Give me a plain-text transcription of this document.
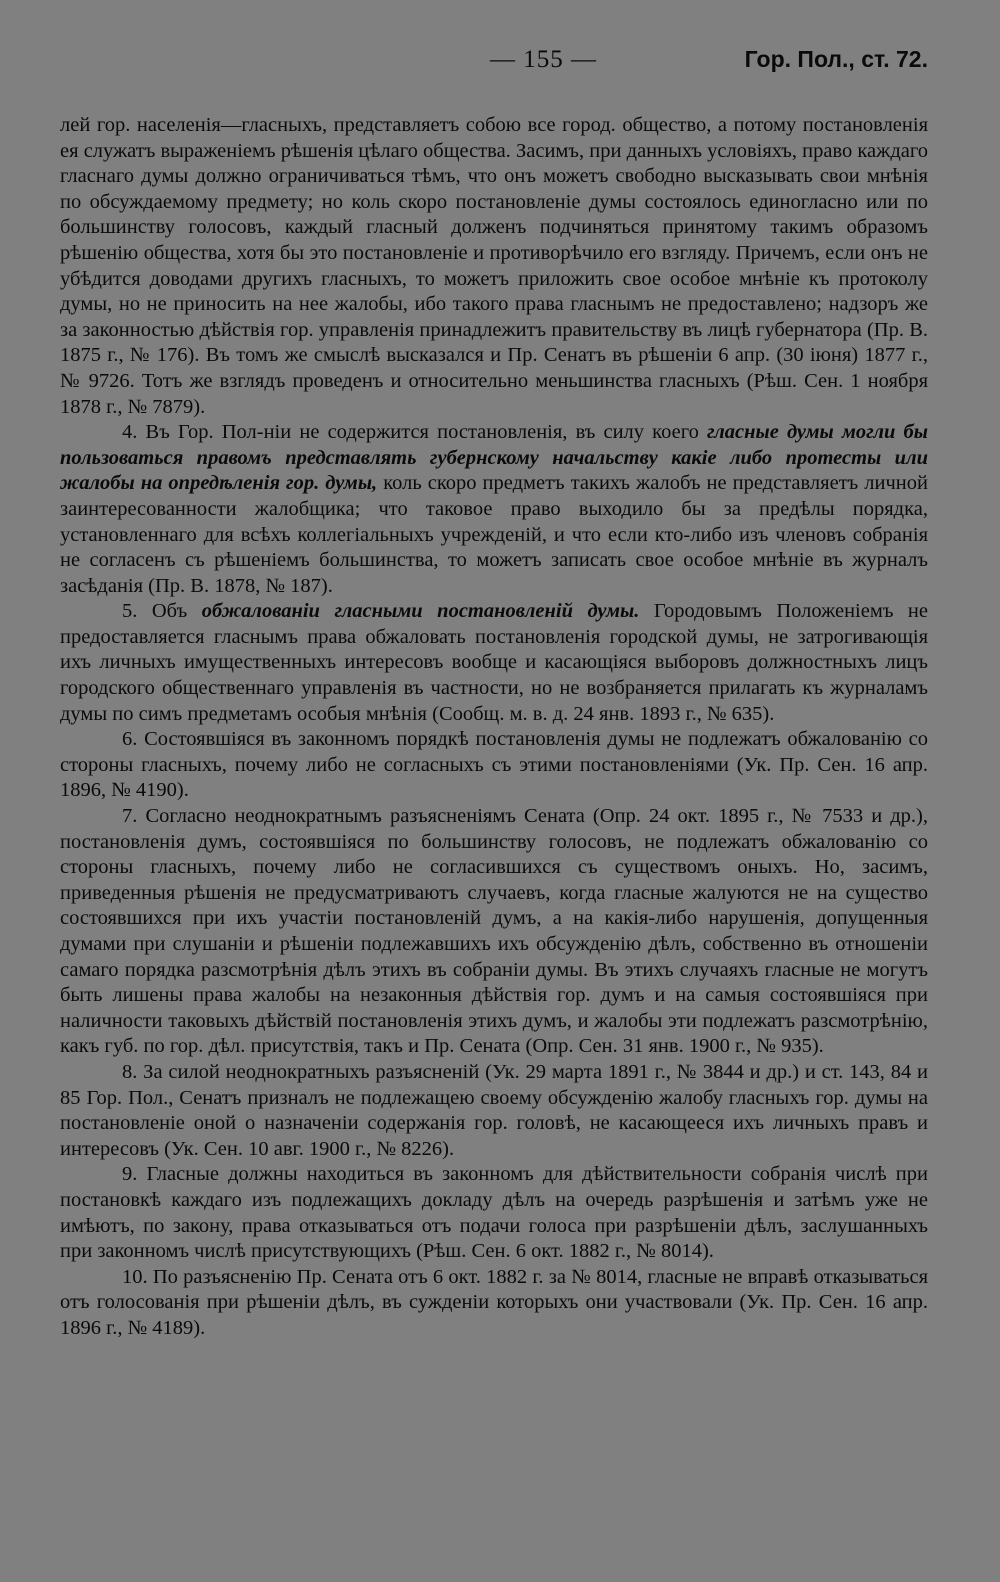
— 155 —	Гор. Пол., ст. 72.

лей гор. населенія—гласныхъ, представляетъ собою все город. общество, а потому постановленія ея служатъ выраженіемъ рѣшенія цѣлаго общества. Засимъ, при данныхъ условіяхъ, право каждаго гласнаго думы должно ограничиваться тѣмъ, что онъ можетъ свободно высказывать свои мнѣнія по обсуждаемому предмету; но коль скоро постановленіе думы состоялось единогласно или по большинству голосовъ, каждый гласный долженъ подчиняться принятому такимъ образомъ рѣшенію общества, хотя бы это постановленіе и противорѣчило его взгляду. Причемъ, если онъ не убѣдится доводами другихъ гласныхъ, то можетъ приложить свое особое мнѣніе къ протоколу думы, но не приносить на нее жалобы, ибо такого права гласнымъ не предоставлено; надзоръ же за законностью дѣйствія гор. управленія принадлежитъ правительству въ лицѣ губернатора (Пр. В. 1875 г., № 176). Въ томъ же смыслѣ высказался и Пр. Сенатъ въ рѣшеніи 6 апр. (30 іюня) 1877 г., № 9726. Тотъ же взглядъ проведенъ и относительно меньшинства гласныхъ (Рѣш. Сен. 1 ноября 1878 г., № 7879).

4. Въ Гор. Пол-ніи не содержится постановленія, въ силу коего гласные думы могли бы пользоваться правомъ представлять губернскому начальству какіе либо протесты или жалобы на опредѣленія гор. думы, коль скоро предметъ такихъ жалобъ не представляетъ личной заинтересованности жалобщика; что таковое право выходило бы за предѣлы порядка, установленнаго для всѣхъ коллегіальныхъ учрежденій, и что если кто-либо изъ членовъ собранія не согласенъ съ рѣшеніемъ большинства, то можетъ записать свое особое мнѣніе въ журналъ засѣданія (Пр. В. 1878, № 187).

5. Объ обжалованіи гласными постановленій думы. Городовымъ Положеніемъ не предоставляется гласнымъ права обжаловать постановленія городской думы, не затрогивающія ихъ личныхъ имущественныхъ интересовъ вообще и касающіяся выборовъ должностныхъ лицъ городского общественнаго управленія въ частности, но не возбраняется прилагать къ журналамъ думы по симъ предметамъ особыя мнѣнія (Сообщ. м. в. д. 24 янв. 1893 г., № 635).

6. Состоявшіяся въ законномъ порядкѣ постановленія думы не подлежатъ обжалованію со стороны гласныхъ, почему либо не согласныхъ съ этими постановленіями (Ук. Пр. Сен. 16 апр. 1896, № 4190).

7. Согласно неоднократнымъ разъясненіямъ Сената (Опр. 24 окт. 1895 г., № 7533 и др.), постановленія думъ, состоявшіяся по большинству голосовъ, не подлежатъ обжалованію со стороны гласныхъ, почему либо не согласившихся съ существомъ оныхъ. Но, засимъ, приведенныя рѣшенія не предусматриваютъ случаевъ, когда гласные жалуются не на существо состоявшихся при ихъ участіи постановленій думъ, а на какія-либо нарушенія, допущенныя думами при слушаніи и рѣшеніи подлежавшихъ ихъ обсужденію дѣлъ, собственно въ отношеніи самаго порядка разсмотрѣнія дѣлъ этихъ въ собраніи думы. Въ этихъ случаяхъ гласные не могутъ быть лишены права жалобы на незаконныя дѣйствія гор. думъ и на самыя состоявшіяся при наличности таковыхъ дѣйствій постановленія этихъ думъ, и жалобы эти подлежатъ разсмотрѣнію, какъ губ. по гор. дѣл. присутствія, такъ и Пр. Сената (Опр. Сен. 31 янв. 1900 г., № 935).

8. За силой неоднократныхъ разъясненій (Ук. 29 марта 1891 г., № 3844 и др.) и ст. 143, 84 и 85 Гор. Пол., Сенатъ призналъ не подлежащею своему обсужденію жалобу гласныхъ гор. думы на постановленіе оной о назначеніи содержанія гор. головѣ, не касающееся ихъ личныхъ правъ и интересовъ (Ук. Сен. 10 авг. 1900 г., № 8226).

9. Гласные должны находиться въ законномъ для дѣйствительности собранія числѣ при постановкѣ каждаго изъ подлежащихъ докладу дѣлъ на очередь разрѣшенія и затѣмъ уже не имѣютъ, по закону, права отказываться отъ подачи голоса при разрѣшеніи дѣлъ, заслушанныхъ при законномъ числѣ присутствующихъ (Рѣш. Сен. 6 окт. 1882 г., № 8014).

10. По разъясненію Пр. Сената отъ 6 окт. 1882 г. за № 8014, гласные не вправѣ отказываться отъ голосованія при рѣшеніи дѣлъ, въ сужденіи которыхъ они участвовали (Ук. Пр. Сен. 16 апр. 1896 г., № 4189).
